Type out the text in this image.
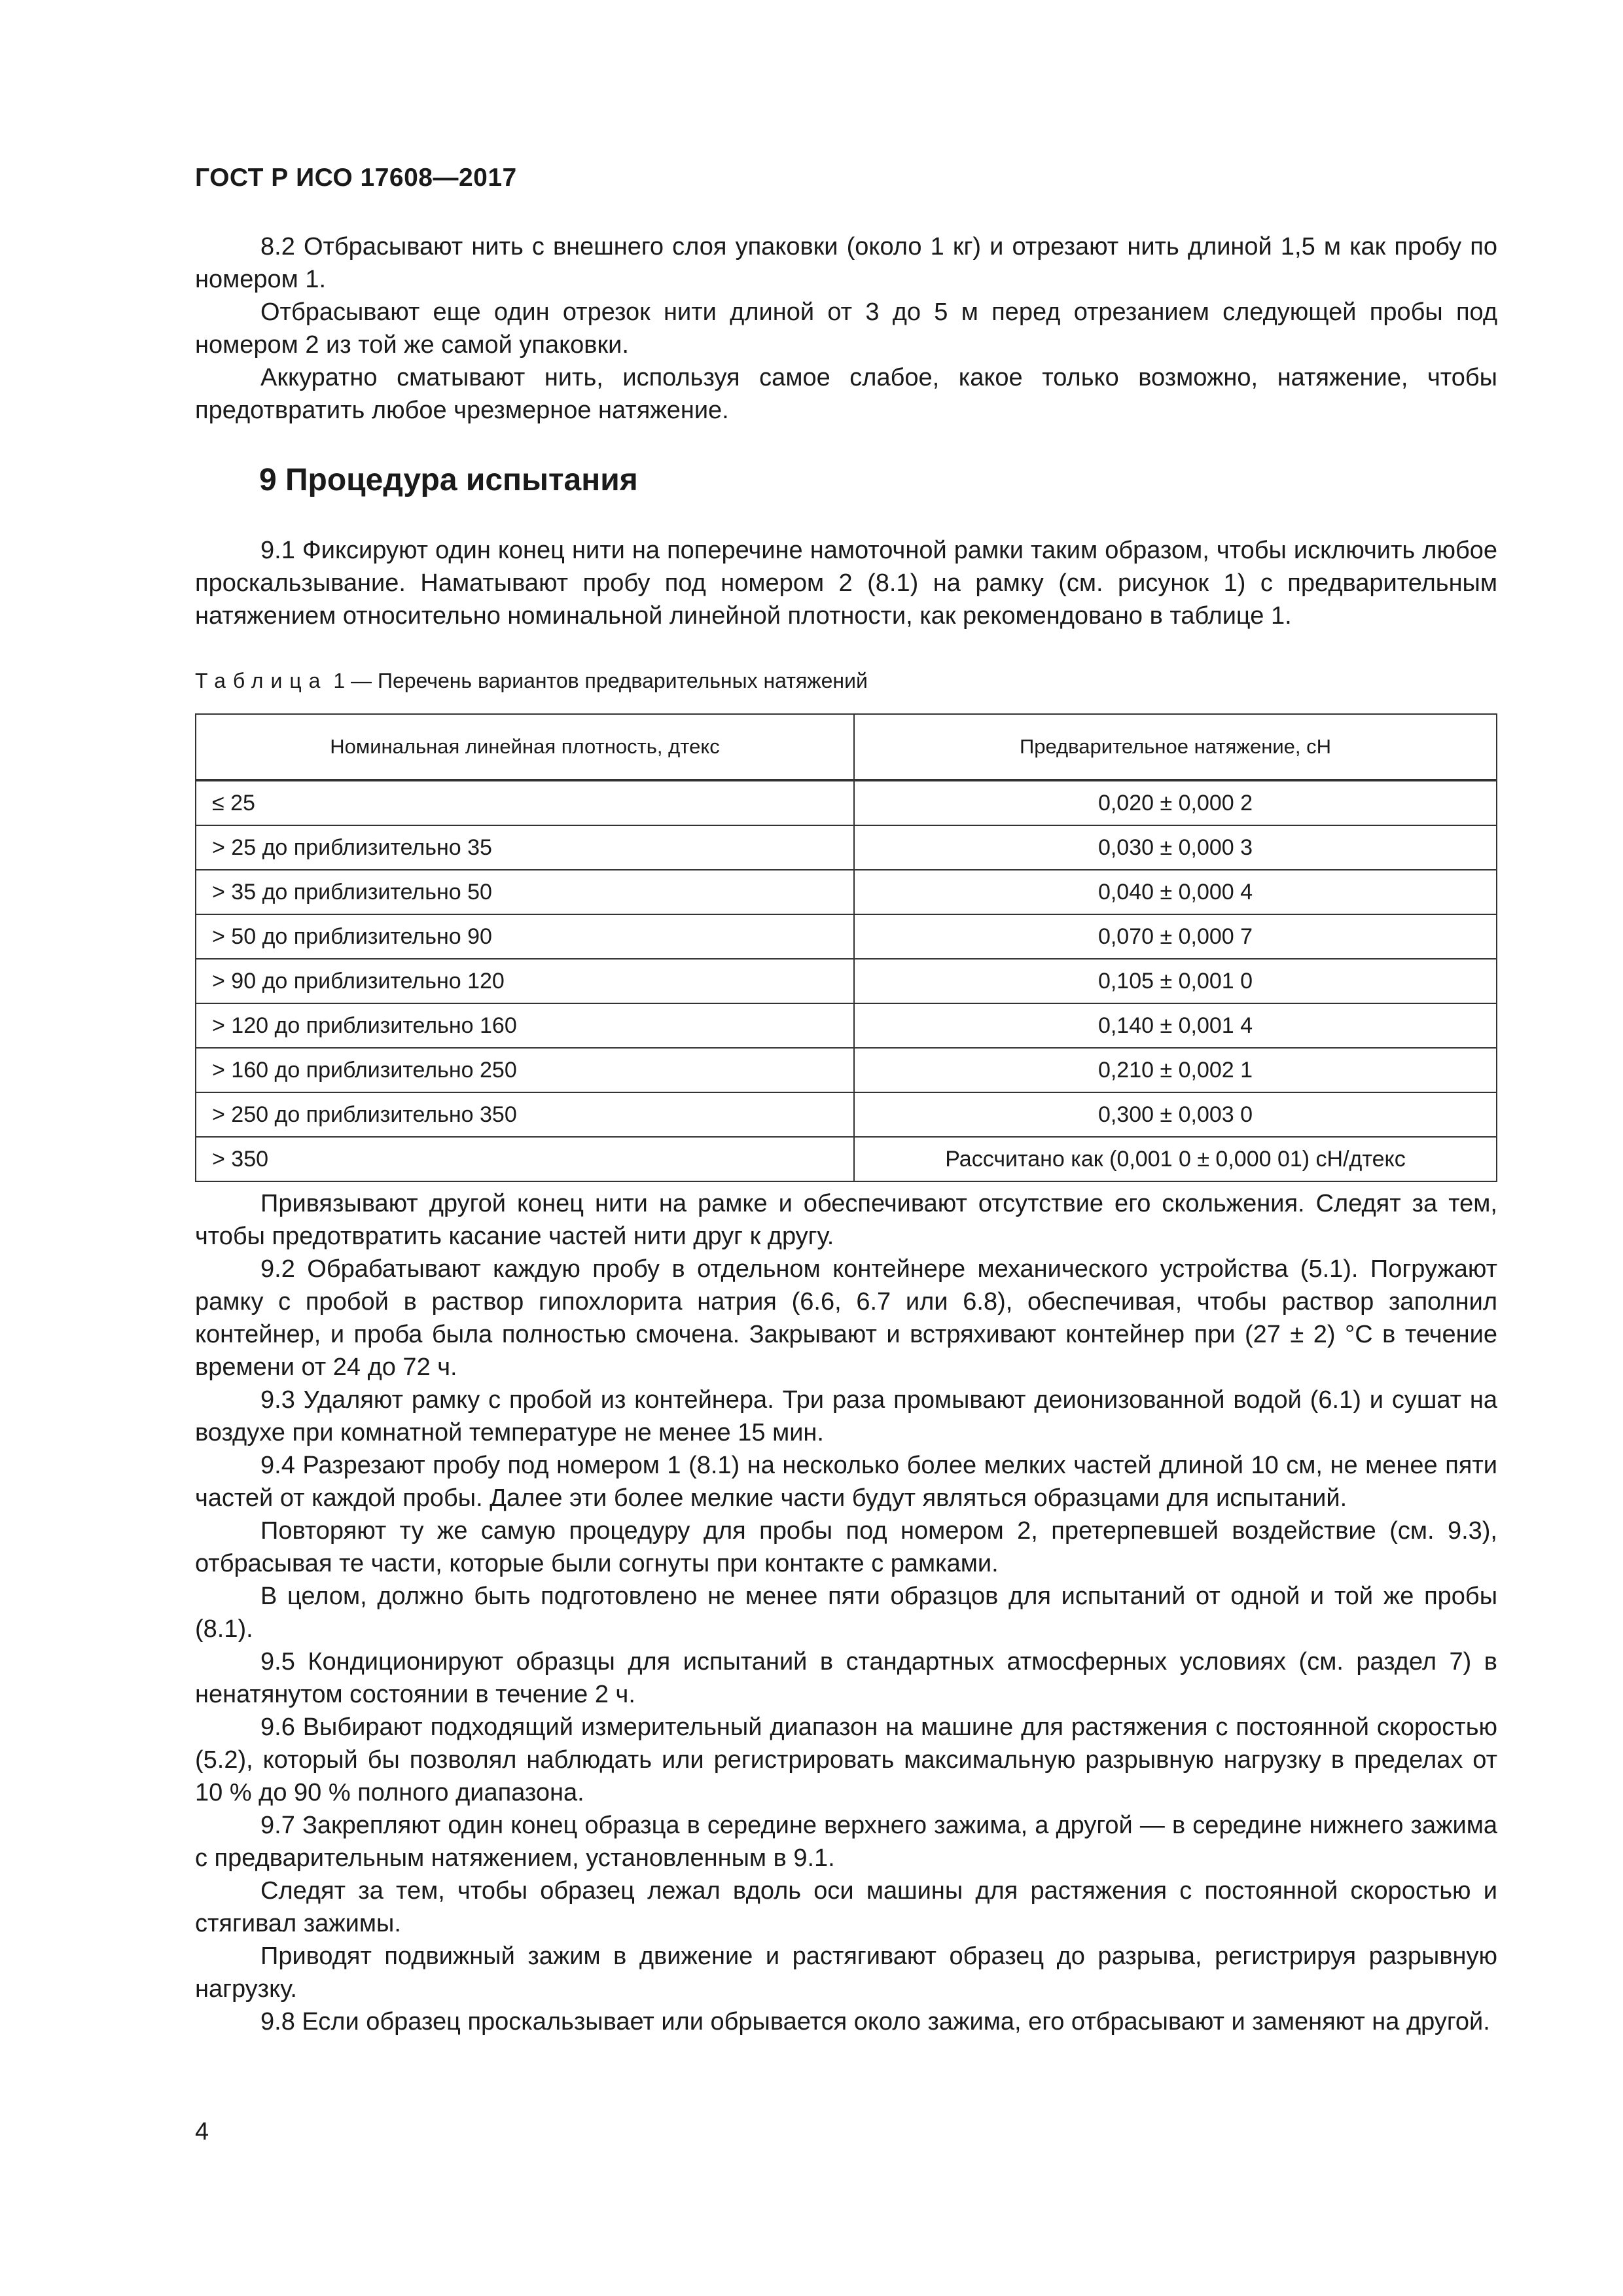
ГОСТ Р ИСО 17608—2017

8.2 Отбрасывают нить с внешнего слоя упаковки (около 1 кг) и отрезают нить длиной 1,5 м как пробу по номером 1.

Отбрасывают еще один отрезок нити длиной от 3 до 5 м перед отрезанием следующей пробы под номером 2 из той же самой упаковки.

Аккуратно сматывают нить, используя самое слабое, какое только возможно, натяжение, чтобы предотвратить любое чрезмерное натяжение.

9 Процедура испытания

9.1 Фиксируют один конец нити на поперечине намоточной рамки таким образом, чтобы исключить любое проскальзывание. Наматывают пробу под номером 2 (8.1) на рамку (см. рисунок 1) с предварительным натяжением относительно номинальной линейной плотности, как рекомендовано в таблице 1.

Таблица 1 — Перечень вариантов предварительных натяжений
Номинальная линейная плотность, дтекс	Предварительное натяжение, сН
≤ 25	0,020 ± 0,000 2
> 25 до приблизительно 35	0,030 ± 0,000 3
> 35 до приблизительно 50	0,040 ± 0,000 4
> 50 до приблизительно 90	0,070 ± 0,000 7
> 90 до приблизительно 120	0,105 ± 0,001 0
> 120 до приблизительно 160	0,140 ± 0,001 4
> 160 до приблизительно 250	0,210 ± 0,002 1
> 250 до приблизительно 350	0,300 ± 0,003 0
> 350	Рассчитано как (0,001 0 ± 0,000 01) сН/дтекс

Привязывают другой конец нити на рамке и обеспечивают отсутствие его скольжения. Следят за тем, чтобы предотвратить касание частей нити друг к другу.

9.2 Обрабатывают каждую пробу в отдельном контейнере механического устройства (5.1). Погружают рамку с пробой в раствор гипохлорита натрия (6.6, 6.7 или 6.8), обеспечивая, чтобы раствор заполнил контейнер, и проба была полностью смочена. Закрывают и встряхивают контейнер при (27 ± 2) °С в течение времени от 24 до 72 ч.

9.3 Удаляют рамку с пробой из контейнера. Три раза промывают деионизованной водой (6.1) и сушат на воздухе при комнатной температуре не менее 15 мин.

9.4 Разрезают пробу под номером 1 (8.1) на несколько более мелких частей длиной 10 см, не менее пяти частей от каждой пробы. Далее эти более мелкие части будут являться образцами для испытаний.

Повторяют ту же самую процедуру для пробы под номером 2, претерпевшей воздействие (см. 9.3), отбрасывая те части, которые были согнуты при контакте с рамками.

В целом, должно быть подготовлено не менее пяти образцов для испытаний от одной и той же пробы (8.1).

9.5 Кондиционируют образцы для испытаний в стандартных атмосферных условиях (см. раздел 7) в ненатянутом состоянии в течение 2 ч.

9.6 Выбирают подходящий измерительный диапазон на машине для растяжения с постоянной скоростью (5.2), который бы позволял наблюдать или регистрировать максимальную разрывную нагрузку в пределах от 10 % до 90 % полного диапазона.

9.7 Закрепляют один конец образца в середине верхнего зажима, а другой — в середине нижнего зажима с предварительным натяжением, установленным в 9.1.

Следят за тем, чтобы образец лежал вдоль оси машины для растяжения с постоянной скоростью и стягивал зажимы.

Приводят подвижный зажим в движение и растягивают образец до разрыва, регистрируя разрывную нагрузку.

9.8 Если образец проскальзывает или обрывается около зажима, его отбрасывают и заменяют на другой.

4
